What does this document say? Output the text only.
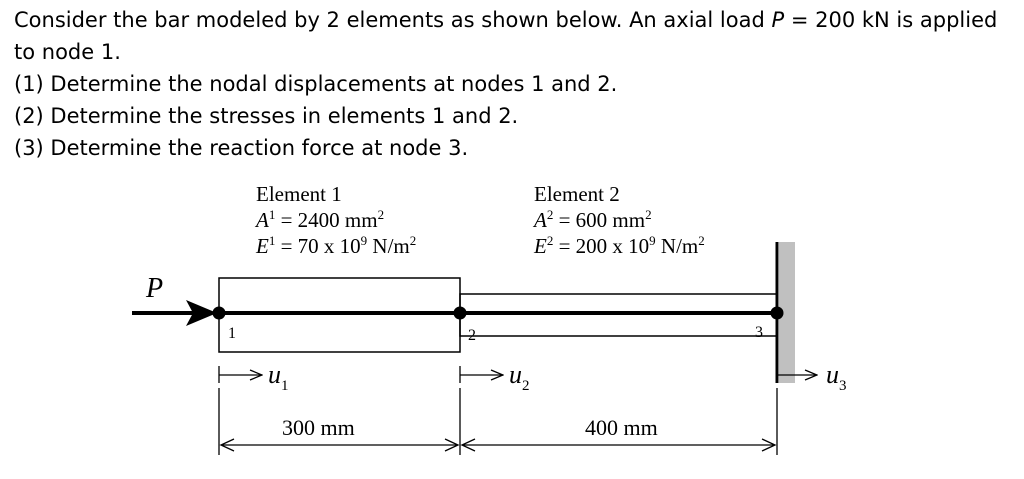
Consider the bar modeled by 2 elements as shown below. An axial load P = 200 kN is applied to node 1.

(1) Determine the nodal displacements at nodes 1 and 2.

(2) Determine the stresses in elements 1 and 2.

(3) Determine the reaction force at node 3.

Element 1
$A^1 = 2400$ $mm^2$
$E^1 = 70$ x $10^9$ $N/m^2$
Element 2
$A^2 = 600$ $mm^2$
$E^2 = 200$ x $10^9$ $N/m^2$
P
1	2	3
$u_1$	$u_2$	$u_3$
300 mm	400 mm
